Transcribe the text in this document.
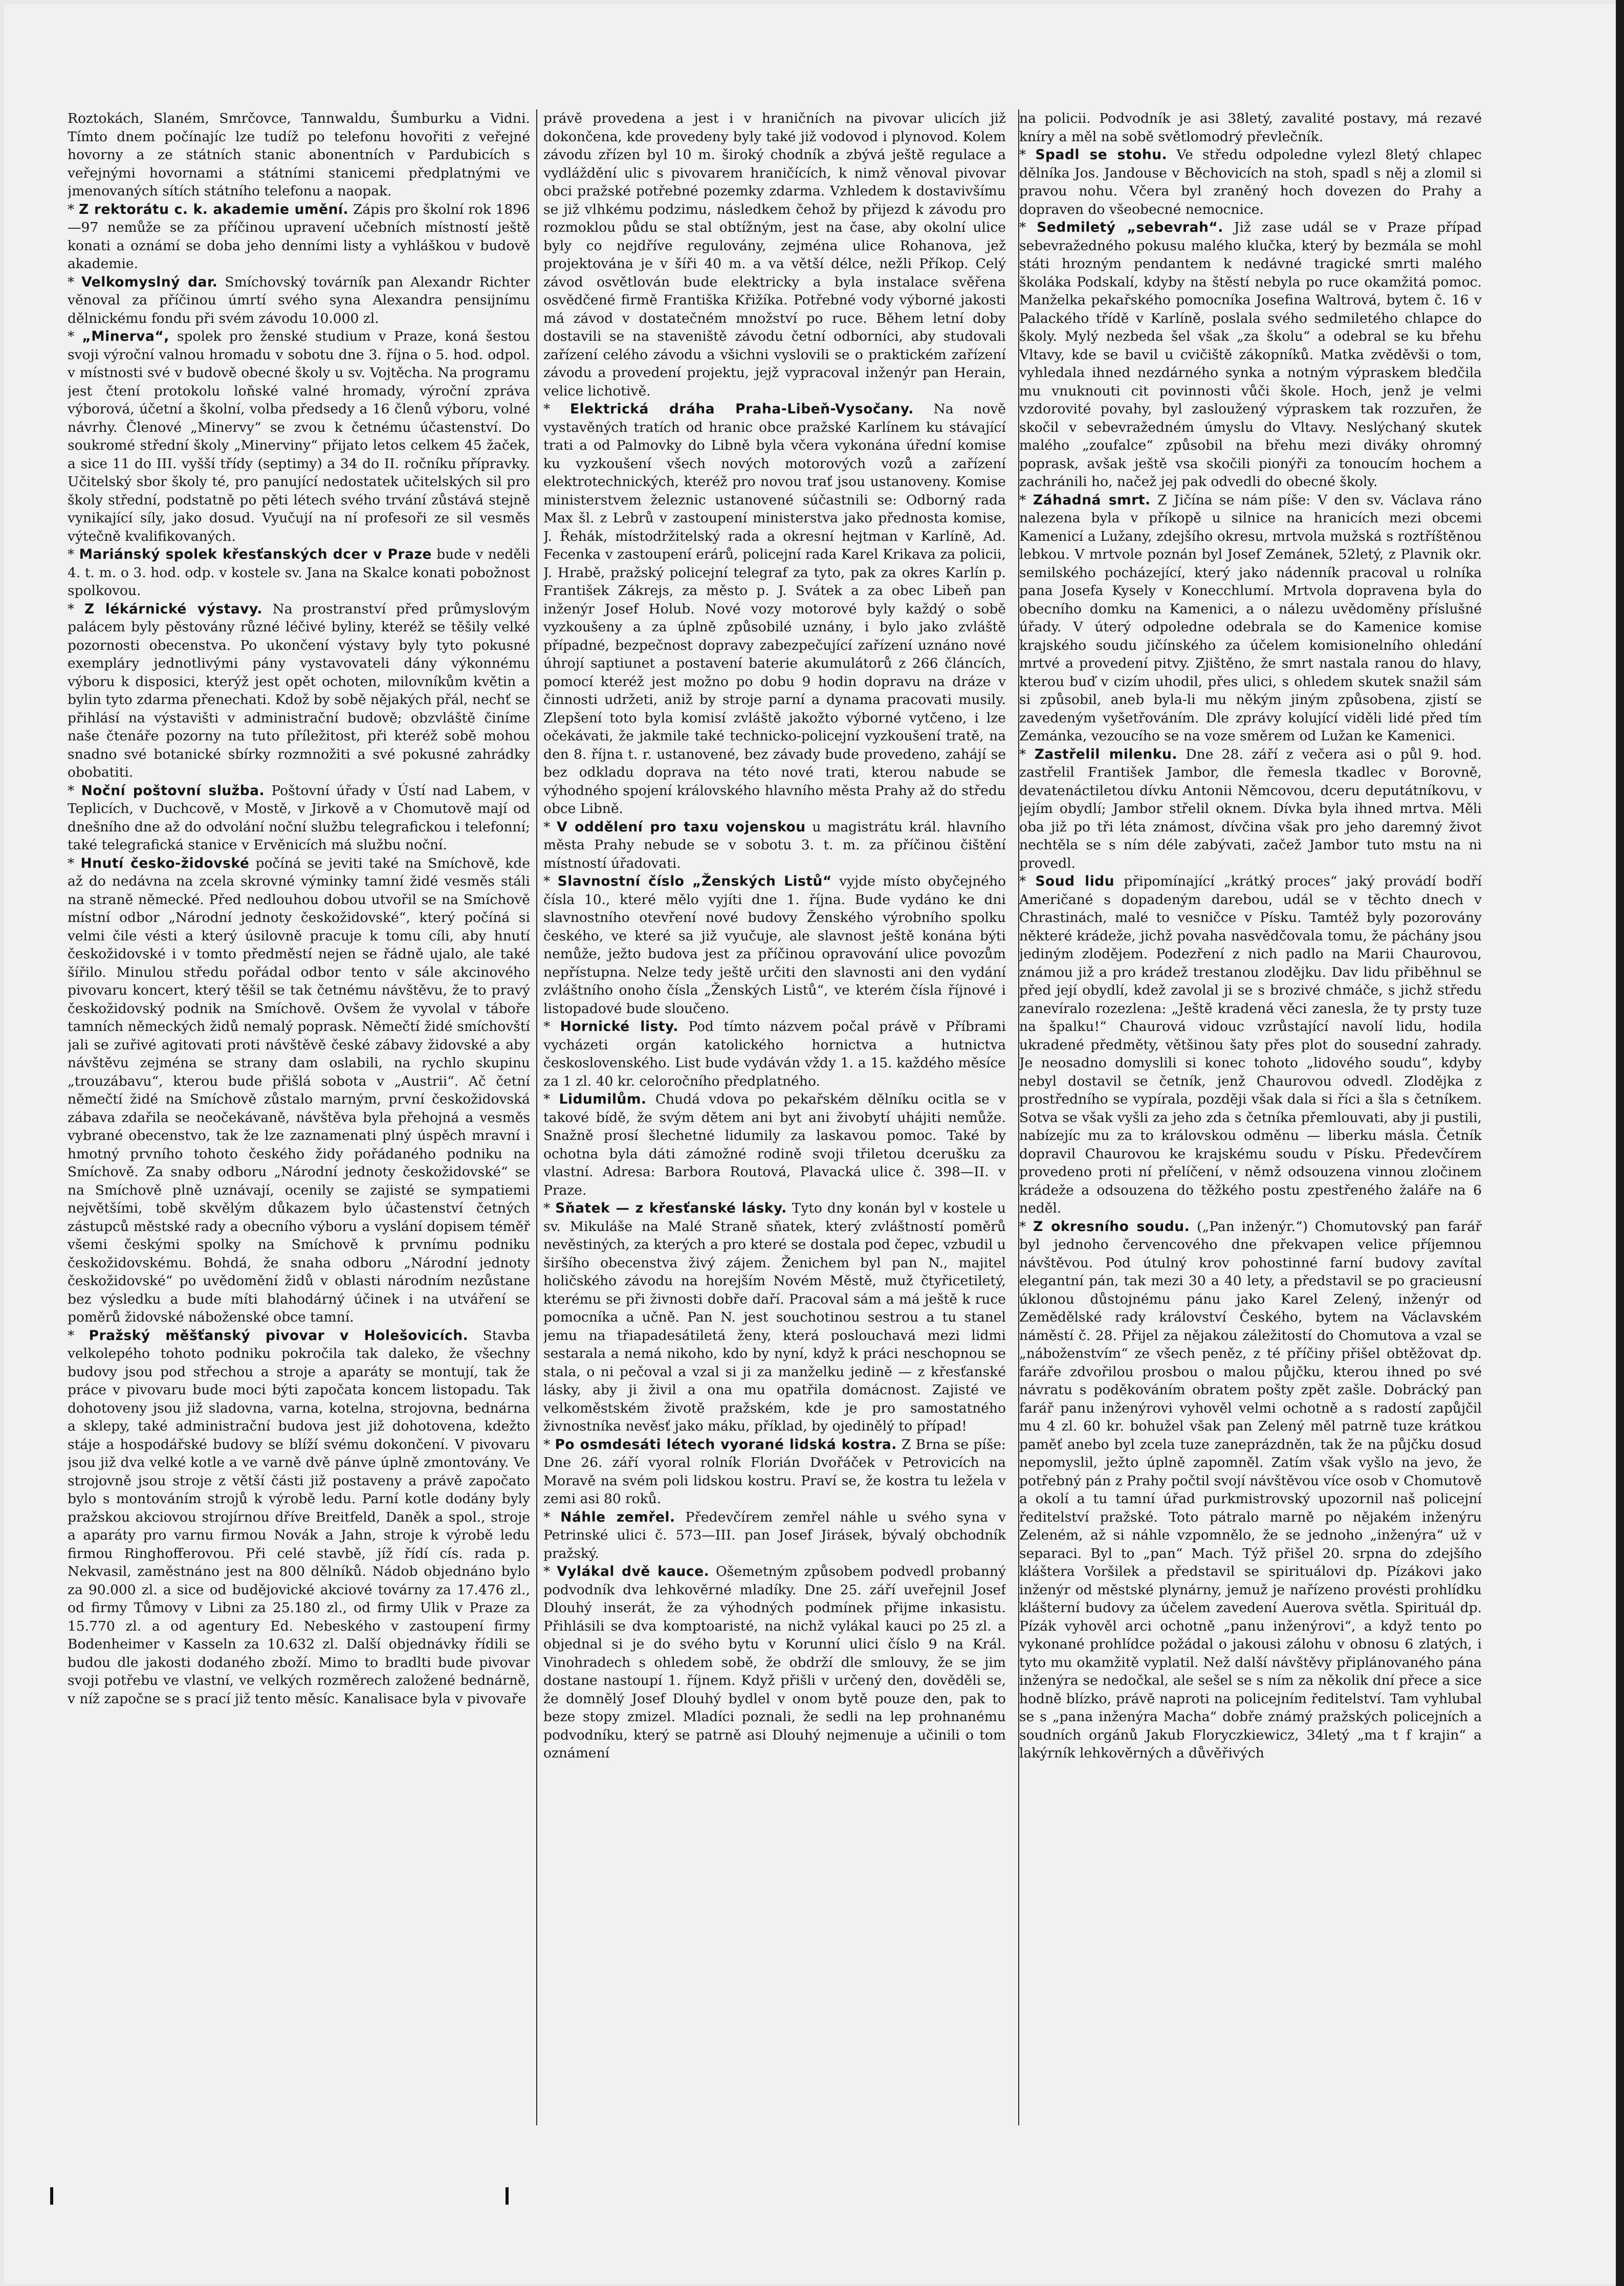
Roztokách, Slaném, Smrčovce, Tannwaldu, Šumburku a Vidni. Tímto dnem počínajíc lze tudíž po telefonu hovořiti z veřejné hovorny a ze státních stanic abonentních v Pardubicích s veřejnými hovornami a státními stanicemi předplatnými ve jmenovaných sítích státního telefonu a naopak.

* Z rektorátu c. k. akademie umění. Zápis pro školní rok 1896—97 nemůže se za příčinou upravení učebních místností ještě konati a oznámí se doba jeho denními listy a vyhláškou v budově akademie.

* Velkomyslný dar. Smíchovský továrník pan Alexandr Richter věnoval za příčinou úmrtí svého syna Alexandra pensijnímu dělnickému fondu při svém závodu 10.000 zl.

* „Minerva“, spolek pro ženské studium v Praze, koná šestou svoji výroční valnou hromadu v sobotu dne 3. října o 5. hod. odpol. v místnosti své v budově obecné školy u sv. Vojtěcha. Na programu jest čtení protokolu loňské valné hromady, výroční zpráva výborová, účetní a školní, volba předsedy a 16 členů výboru, volné návrhy. Členové „Minervy“ se zvou k četnému účastenství. Do soukromé střední školy „Minerviny“ přijato letos celkem 45 žaček, a sice 11 do III. vyšší třídy (septimy) a 34 do II. ročníku přípravky. Učitelský sbor školy té, pro panující nedostatek učitelských sil pro školy střední, podstatně po pěti létech svého trvání zůstává stejně vynikající síly, jako dosud. Vyučují na ní profesoři ze sil vesměs výtečně kvalifikovaných.

* Mariánský spolek křesťanských dcer v Praze bude v neděli 4. t. m. o 3. hod. odp. v kostele sv. Jana na Skalce konati pobožnost spolkovou.

* Z lékárnické výstavy. Na prostranství před průmyslovým palácem byly pěstovány různé léčivé byliny, kteréž se těšily velké pozornosti obecenstva. Po ukončení výstavy byly tyto pokusné exempláry jednotlivými pány vystavovateli dány výkonnému výboru k disposici, kterýž jest opět ochoten, milovníkům květin a bylin tyto zdarma přenechati. Kdož by sobě nějakých přál, nechť se přihlásí na výstavišti v administrační budově; obzvláště činíme naše čtenáře pozorny na tuto příležitost, při kteréž sobě mohou snadno své botanické sbírky rozmnožiti a své pokusné zahrádky obobatiti.

* Noční poštovní služba. Poštovní úřady v Ústí nad Labem, v Teplicích, v Duchcově, v Mostě, v Jirkově a v Chomutově mají od dnešního dne až do odvolání noční službu telegrafickou i telefonní; také telegrafická stanice v Ervěnicích má službu noční.

* Hnutí česko-židovské počíná se jeviti také na Smíchově, kde až do nedávna na zcela skrovné výminky tamní židé vesměs stáli na straně německé. Před nedlouhou dobou utvořil se na Smíchově místní odbor „Národní jednoty českožidovské“, který počíná si velmi čile vésti a který úsilovně pracuje k tomu cíli, aby hnutí českožidovské i v tomto předměstí nejen se řádně ujalo, ale také šířilo. Minulou středu pořádal odbor tento v sále akcinového pivovaru koncert, který těšil se tak četnému návštěvu, že to pravý českožidovský podnik na Smíchově. Ovšem že vyvolal v táboře tamních německých židů nemalý poprask. Němečtí židé smíchovští jali se zuřivé agitovati proti návštěvě české zábavy židovské a aby návštěvu zejména se strany dam oslabili, na rychlo skupinu „trouzábavu“, kterou bude přišlá sobota v „Austrii“. Ač četní němečtí židé na Smíchově zůstalo marným, první českožidovská zábava zdařila se neočekávaně, návštěva byla přehojná a vesměs vybrané obecenstvo, tak že lze zaznamenati plný úspěch mravní i hmotný prvního tohoto českého židy pořádaného podniku na Smíchově. Za snaby odboru „Národní jednoty českožidovské“ se na Smíchově plně uznávají, ocenily se zajisté se sympatiemi největšími, tobě skvělým důkazem bylo účastenství četných zástupců městské rady a obecního výboru a vyslání dopisem téměř všemi českými spolky na Smíchově k prvnímu podniku českožidovskému. Bohdá, že snaha odboru „Národní jednoty českožidovské“ po uvědomění židů v oblasti národním nezůstane bez výsledku a bude míti blahodárný účinek i na utváření se poměrů židovské náboženské obce tamní.

* Pražský měšťanský pivovar v Holešovicích. Stavba velkolepého tohoto podniku pokročila tak daleko, že všechny budovy jsou pod střechou a stroje a aparáty se montují, tak že práce v pivovaru bude moci býti započata koncem listopadu. Tak dohotoveny jsou již sladovna, varna, kotelna, strojovna, bednárna a sklepy, také administrační budova jest již dohotovena, kdežto stáje a hospodářské budovy se blíží svému dokončení. V pivovaru jsou již dva velké kotle a ve varně dvě pánve úplně zmontovány. Ve strojovně jsou stroje z větší části již postaveny a právě započato bylo s montováním strojů k výrobě ledu. Parní kotle dodány byly pražskou akciovou strojírnou dříve Breitfeld, Daněk a spol., stroje a aparáty pro varnu firmou Novák a Jahn, stroje k výrobě ledu firmou Ringhofferovou. Při celé stavbě, jíž řídí cís. rada p. Nekvasil, zaměstnáno jest na 800 dělníků. Nádob objednáno bylo za 90.000 zl. a sice od budějovické akciové továrny za 17.476 zl., od firmy Tůmovy v Libni za 25.180 zl., od firmy Ulik v Praze za 15.770 zl. a od agentury Ed. Nebeského v zastoupení firmy Bodenheimer v Kasseln za 10.632 zl. Další objednávky řídili se budou dle jakosti dodaného zboží. Mimo to bradlti bude pivovar svoji potřebu ve vlastní, ve velkých rozměrech založené bednárně, v níž započne se s prací již tento měsíc. Kanalisace byla v pivovaře

právě provedena a jest i v hraničních na pivovar ulicích již dokončena, kde provedeny byly také již vodovod i plynovod. Kolem závodu zřízen byl 10 m. široký chodník a zbývá ještě regulace a vydláždění ulic s pivovarem hraničících, k nimž věnoval pivovar obci pražské potřebné pozemky zdarma. Vzhledem k dostavivšímu se již vlhkému podzimu, následkem čehož by přijezd k závodu pro rozmoklou půdu se stal obtížným, jest na čase, aby okolní ulice byly co nejdříve regulovány, zejména ulice Rohanova, jež projektována je v šíři 40 m. a va větší délce, nežli Příkop. Celý závod osvětlován bude elektricky a byla instalace svěřena osvědčené firmě Františka Křižíka. Potřebné vody výborné jakosti má závod v dostatečném množství po ruce. Během letní doby dostavili se na staveniště závodu četní odborníci, aby studovali zařízení celého závodu a všichni vyslovili se o praktickém zařízení závodu a provedení projektu, jejž vypracoval inženýr pan Herain, velice lichotivě.

* Elektrická dráha Praha-Libeň-Vysočany. Na nově vystavěných tratích od hranic obce pražské Karlínem ku stávající trati a od Palmovky do Libně byla včera vykonána úřední komise ku vyzkoušení všech nových motorových vozů a zařízení elektrotechnických, kteréž pro novou trať jsou ustanoveny. Komise ministerstvem železnic ustanovené súčastnili se: Odborný rada Max šl. z Lebrů v zastoupení ministerstva jako přednosta komise, J. Řehák, místodržitelský rada a okresní hejtman v Karlíně, Ad. Fecenka v zastoupení erárů, policejní rada Karel Krikava za policii, J. Hrabě, pražský policejní telegraf za tyto, pak za okres Karlín p. František Zákrejs, za město p. J. Svátek a za obec Libeň pan inženýr Josef Holub. Nové vozy motorové byly každý o sobě vyzkoušeny a za úplně způsobilé uznány, i bylo jako zvláště případné, bezpečnost dopravy zabezpečující zařízení uznáno nové úhrojí saptiunet a postavení baterie akumulátorů z 266 článcích, pomocí kteréž jest možno po dobu 9 hodin dopravu na dráze v činnosti udržeti, aniž by stroje parní a dynama pracovati musily. Zlepšení toto byla komisí zvláště jakožto výborné vytčeno, i lze očekávati, že jakmile také technicko-policejní vyzkoušení tratě, na den 8. října t. r. ustanovené, bez závady bude provedeno, zahájí se bez odkladu doprava na této nové trati, kterou nabude se výhodného spojení královského hlavního města Prahy až do středu obce Libně.

* V oddělení pro taxu vojenskou u magistrátu král. hlavního města Prahy nebude se v sobotu 3. t. m. za příčinou čištění místností úřadovati.

* Slavnostní číslo „Ženských Listů“ vyjde místo obyčejného čísla 10., které mělo vyjíti dne 1. října. Bude vydáno ke dni slavnostního otevření nové budovy Ženského výrobního spolku českého, ve které sa již vyučuje, ale slavnost ještě konána býti nemůže, ježto budova jest za příčinou opravování ulice povozům nepřístupna. Nelze tedy ještě určiti den slavnosti ani den vydání zvláštního onoho čísla „Ženských Listů“, ve kterém čísla říjnové i listopadové bude sloučeno.

* Hornické listy. Pod tímto názvem počal právě v Příbrami vycházeti orgán katolického hornictva a hutnictva československého. List bude vydáván vždy 1. a 15. každého měsíce za 1 zl. 40 kr. celoročního předplatného.

* Lidumilům. Chudá vdova po pekařském dělníku ocitla se v takové bídě, že svým dětem ani byt ani živobytí uhájiti nemůže. Snažně prosí šlechetné lidumily za laskavou pomoc. Také by ochotna byla dáti zámožné rodině svoji třiletou dcerušku za vlastní. Adresa: Barbora Routová, Plavacká ulice č. 398—II. v Praze.

* Sňatek — z křesťanské lásky. Tyto dny konán byl v kostele u sv. Mikuláše na Malé Straně sňatek, který zvláštností poměrů nevěstiných, za kterých a pro které se dostala pod čepec, vzbudil u širšího obecenstva živý zájem. Ženichem byl pan N., majitel holičského závodu na horejším Novém Městě, muž čtyřicetiletý, kterému se při živnosti dobře daří. Pracoval sám a má ještě k ruce pomocníka a učně. Pan N. jest souchotinou sestrou a tu stanel jemu na třiapadesátiletá ženy, která poslouchavá mezi lidmi sestarala a nemá nikoho, kdo by nyní, když k práci neschopnou se stala, o ni pečoval a vzal si ji za manželku jedině — z křesťanské lásky, aby ji živil a ona mu opatřila domácnost. Zajisté ve velkoměstském životě pražském, kde je pro samostatného živnostníka nevěsť jako máku, příklad, by ojedinělý to případ!

* Po osmdesáti létech vyorané lidská kostra. Z Brna se píše: Dne 26. září vyoral rolník Florián Dvořáček v Petrovicích na Moravě na svém poli lidskou kostru. Praví se, že kostra tu ležela v zemi asi 80 roků.

* Náhle zemřel. Předevčírem zemřel náhle u svého syna v Petrinské ulici č. 573—III. pan Josef Jirásek, bývalý obchodník pražský.

* Vylákal dvě kauce. Ošemetným způsobem podvedl probanný podvodník dva lehkověrné mladíky. Dne 25. září uveřejnil Josef Dlouhý inserát, že za výhodných podmínek přijme inkasistu. Přihlásili se dva komptoaristé, na nichž vylákal kauci po 25 zl. a objednal si je do svého bytu v Korunní ulici číslo 9 na Král. Vinohradech s ohledem sobě, že obdrží dle smlouvy, že se jim dostane nastoupí 1. říjnem. Když přišli v určený den, dověděli se, že domnělý Josef Dlouhý bydlel v onom bytě pouze den, pak to beze stopy zmizel. Mladíci poznali, že sedli na lep prohnanému podvodníku, který se patrně asi Dlouhý nejmenuje a učinili o tom oznámení

na policii. Podvodník je asi 38letý, zavalité postavy, má rezavé kníry a měl na sobě světlomodrý převlečník.

* Spadl se stohu. Ve středu odpoledne vylezl 8letý chlapec dělníka Jos. Jandouse v Běchovicích na stoh, spadl s něj a zlomil si pravou nohu. Včera byl zraněný hoch dovezen do Prahy a dopraven do všeobecné nemocnice.

* Sedmiletý „sebevrah“. Již zase udál se v Praze případ sebevražedného pokusu malého klučka, který by bezmála se mohl státi hrozným pendantem k nedávné tragické smrti malého školáka Podskalí, kdyby na štěstí nebyla po ruce okamžitá pomoc. Manželka pekařského pomocníka Josefina Waltrová, bytem č. 16 v Palackého třídě v Karlíně, poslala svého sedmiletého chlapce do školy. Mylý nezbeda šel však „za školu“ a odebral se ku břehu Vltavy, kde se bavil u cvičiště zákopníků. Matka zvěděvši o tom, vyhledala ihned nezdárného synka a notným výpraskem bledčila mu vnuknouti cit povinnosti vůči škole. Hoch, jenž je velmi vzdorovité povahy, byl zasloužený výpraskem tak rozzuřen, že skočil v sebevražedném úmyslu do Vltavy. Neslýchaný skutek malého „zoufalce“ způsobil na břehu mezi diváky ohromný poprask, avšak ještě vsa skočili pionýři za tonoucím hochem a zachránili ho, načež jej pak odvedli do obecné školy.

* Záhadná smrt. Z Jičína se nám píše: V den sv. Václava ráno nalezena byla v příkopě u silnice na hranicích mezi obcemi Kamenicí a Lužany, zdejšího okresu, mrtvola mužská s roztříštěnou lebkou. V mrtvole poznán byl Josef Zemánek, 52letý, z Plavnik okr. semilského pocházející, který jako nádenník pracoval u rolníka pana Josefa Kysely v Konecchlumí. Mrtvola dopravena byla do obecního domku na Kamenici, a o nálezu uvědoměny příslušné úřady. V úterý odpoledne odebrala se do Kamenice komise krajského soudu jičínského za účelem komisionelního ohledání mrtvé a provedení pitvy. Zjištěno, že smrt nastala ranou do hlavy, kterou buď v cizím uhodil, přes ulici, s ohledem skutek snažil sám si způsobil, aneb byla-li mu někým jiným způsobena, zjistí se zavedeným vyšetřováním. Dle zprávy kolující viděli lidé před tím Zemánka, vezoucího se na voze směrem od Lužan ke Kamenici.

* Zastřelil milenku. Dne 28. září z večera asi o půl 9. hod. zastřelil František Jambor, dle řemesla tkadlec v Borovně, devatenáctiletou dívku Antonii Němcovou, dceru deputátníkovu, v jejím obydlí; Jambor střelil oknem. Dívka byla ihned mrtva. Měli oba již po tři léta známost, dívčina však pro jeho daremný život nechtěla se s ním déle zabývati, začež Jambor tuto mstu na ni provedl.

* Soud lidu připomínající „krátký proces“ jaký provádí bodří Američané s dopadeným darebou, udál se v těchto dnech v Chrastinách, malé to vesničce v Písku. Tamtéž byly pozorovány některé krádeže, jichž povaha nasvědčovala tomu, že páchány jsou jediným zlodějem. Podezření z nich padlo na Marii Chaurovou, známou již a pro krádež trestanou zlodějku. Dav lidu přiběhnul se před její obydlí, kdež zavolal ji se s brozivé chmáče, s jichž středu zanevíralo rozezlena: „Ještě kradená věci zanesla, že ty prsty tuze na špalku!“ Chaurová vidouc vzrůstající navolí lidu, hodila ukradené předměty, většinou šaty přes plot do sousední zahrady. Je neosadno domyslili si konec tohoto „lidového soudu“, kdyby nebyl dostavil se četník, jenž Chaurovou odvedl. Zlodějka z prostředního se vypírala, později však dala si říci a šla s četníkem. Sotva se však vyšli za jeho zda s četníka přemlouvati, aby ji pustili, nabízejíc mu za to královskou odměnu — liberku másla. Četník dopravil Chaurovou ke krajskému soudu v Písku. Předevčírem provedeno proti ní přelíčení, v němž odsouzena vinnou zločinem krádeže a odsouzena do těžkého postu zpestřeného žaláře na 6 neděl.

* Z okresního soudu. („Pan inženýr.“) Chomutovský pan farář byl jednoho červencového dne překvapen velice příjemnou návštěvou. Pod útulný krov pohostinné farní budovy zavítal elegantní pán, tak mezi 30 a 40 lety, a představil se po gracieusní úklonou důstojnému pánu jako Karel Zelený, inženýr od Zemědělské rady království Českého, bytem na Václavském náměstí č. 28. Přijel za nějakou záležitostí do Chomutova a vzal se „náboženstvím“ ze všech peněz, z té příčiny přišel obtěžovat dp. faráře zdvořilou prosbou o malou půjčku, kterou ihned po své návratu s poděkováním obratem pošty zpět zašle. Dobrácký pan farář panu inženýrovi vyhověl velmi ochotně a s radostí zapůjčil mu 4 zl. 60 kr. bohužel však pan Zelený měl patrně tuze krátkou paměť anebo byl zcela tuze zaneprázdněn, tak že na půjčku dosud nepomyslil, ježto úplně zapomněl. Zatím však vyšlo na jevo, že potřebný pán z Prahy počtil svojí návštěvou více osob v Chomutově a okolí a tu tamní úřad purkmistrovský upozornil naš policejní ředitelství pražské. Toto pátralo marně po nějakém inženýru Zeleném, až si náhle vzpomnělo, že se jednoho „inženýra“ už v separaci. Byl to „pan“ Mach. Týž přišel 20. srpna do zdejšího kláštera Voršilek a představil se spirituálovi dp. Pízákovi jako inženýr od městské plynárny, jemuž je nařízeno provésti prohlídku klášterní budovy za účelem zavedení Auerova světla. Spirituál dp. Pízák vyhověl arci ochotně „panu inženýrovi“, a když tento po vykonané prohlídce požádal o jakousi zálohu v obnosu 6 zlatých, i tyto mu okamžitě vyplatil. Než další návštěvy připlánovaného pána inženýra se nedočkal, ale sešel se s ním za několik dní přece a sice hodně blízko, právě naproti na policejním ředitelství. Tam vyhlubal se s „pana inženýra Macha“ dobře známý pražských policejních a soudních orgánů Jakub Floryczkiewicz, 34letý „ma t f krajin“ a lakýrník lehkověrných a důvěřivých
